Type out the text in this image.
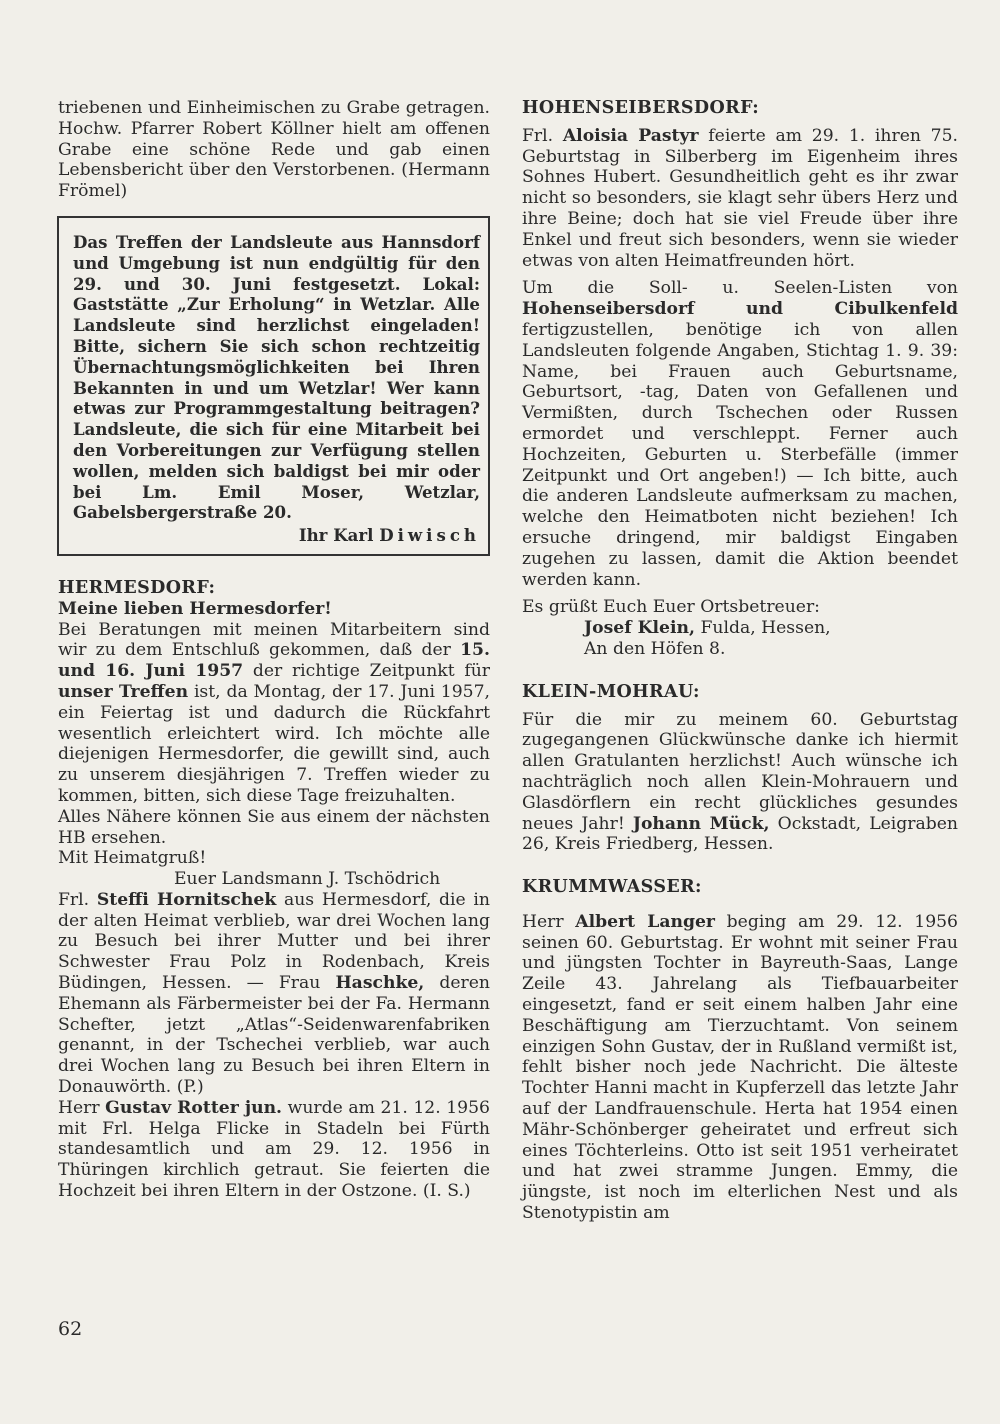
triebenen und Einheimischen zu Grabe getragen. Hochw. Pfarrer Robert Köllner hielt am offenen Grabe eine schöne Rede und gab einen Lebensbericht über den Verstorbenen. (Hermann Frömel)

Das Treffen der Landsleute aus Hannsdorf und Umgebung ist nun endgültig für den 29. und 30. Juni festgesetzt. Lokal: Gaststätte „Zur Erholung“ in Wetzlar. Alle Landsleute sind herzlichst eingeladen! Bitte, sichern Sie sich schon rechtzeitig Übernachtungsmöglichkeiten bei Ihren Bekannten in und um Wetzlar! Wer kann etwas zur Programmgestaltung beitragen? Landsleute, die sich für eine Mitarbeit bei den Vorbereitungen zur Verfügung stellen wollen, melden sich baldigst bei mir oder bei Lm. Emil Moser, Wetzlar, Gabelsbergerstraße 20.

Ihr Karl Diwisch

HERMESDORF:

Meine lieben Hermesdorfer!

Bei Beratungen mit meinen Mitarbeitern sind wir zu dem Entschluß gekommen, daß der 15. und 16. Juni 1957 der richtige Zeitpunkt für unser Treffen ist, da Montag, der 17. Juni 1957, ein Feiertag ist und dadurch die Rückfahrt wesentlich erleichtert wird. Ich möchte alle diejenigen Hermesdorfer, die gewillt sind, auch zu unserem diesjährigen 7. Treffen wieder zu kommen, bitten, sich diese Tage freizuhalten.

Alles Nähere können Sie aus einem der nächsten HB ersehen.

Mit Heimatgruß!

Euer Landsmann J. Tschödrich

Frl. Steffi Hornitschek aus Hermesdorf, die in der alten Heimat verblieb, war drei Wochen lang zu Besuch bei ihrer Mutter und bei ihrer Schwester Frau Polz in Rodenbach, Kreis Büdingen, Hessen. — Frau Haschke, deren Ehemann als Färbermeister bei der Fa. Hermann Schefter, jetzt „Atlas“-Seidenwarenfabriken genannt, in der Tschechei verblieb, war auch drei Wochen lang zu Besuch bei ihren Eltern in Donauwörth. (P.)

Herr Gustav Rotter jun. wurde am 21. 12. 1956 mit Frl. Helga Flicke in Stadeln bei Fürth standesamtlich und am 29. 12. 1956 in Thüringen kirchlich getraut. Sie feierten die Hochzeit bei ihren Eltern in der Ostzone. (I. S.)

HOHENSEIBERSDORF:

Frl. Aloisia Pastyr feierte am 29. 1. ihren 75. Geburtstag in Silberberg im Eigenheim ihres Sohnes Hubert. Gesundheitlich geht es ihr zwar nicht so besonders, sie klagt sehr übers Herz und ihre Beine; doch hat sie viel Freude über ihre Enkel und freut sich besonders, wenn sie wieder etwas von alten Heimatfreunden hört.

Um die Soll- u. Seelen-Listen von Hohenseibersdorf und Cibulkenfeld fertigzustellen, benötige ich von allen Landsleuten folgende Angaben, Stichtag 1. 9. 39: Name, bei Frauen auch Geburtsname, Geburtsort, -tag, Daten von Gefallenen und Vermißten, durch Tschechen oder Russen ermordet und verschleppt. Ferner auch Hochzeiten, Geburten u. Sterbefälle (immer Zeitpunkt und Ort angeben!) — Ich bitte, auch die anderen Landsleute aufmerksam zu machen, welche den Heimatboten nicht beziehen! Ich ersuche dringend, mir baldigst Eingaben zugehen zu lassen, damit die Aktion beendet werden kann.

Es grüßt Euch Euer Ortsbetreuer:

Josef Klein, Fulda, Hessen,

An den Höfen 8.

KLEIN-MOHRAU:

Für die mir zu meinem 60. Geburtstag zugegangenen Glückwünsche danke ich hiermit allen Gratulanten herzlichst! Auch wünsche ich nachträglich noch allen Klein-Mohrauern und Glasdörflern ein recht glückliches gesundes neues Jahr! Johann Mück, Ockstadt, Leigraben 26, Kreis Friedberg, Hessen.

KRUMMWASSER:

Herr Albert Langer beging am 29. 12. 1956 seinen 60. Geburtstag. Er wohnt mit seiner Frau und jüngsten Tochter in Bayreuth-Saas, Lange Zeile 43. Jahrelang als Tiefbauarbeiter eingesetzt, fand er seit einem halben Jahr eine Beschäftigung am Tierzuchtamt. Von seinem einzigen Sohn Gustav, der in Rußland vermißt ist, fehlt bisher noch jede Nachricht. Die älteste Tochter Hanni macht in Kupferzell das letzte Jahr auf der Landfrauenschule. Herta hat 1954 einen Mähr-Schönberger geheiratet und erfreut sich eines Töchterleins. Otto ist seit 1951 verheiratet und hat zwei stramme Jungen. Emmy, die jüngste, ist noch im elterlichen Nest und als Stenotypistin am

62
